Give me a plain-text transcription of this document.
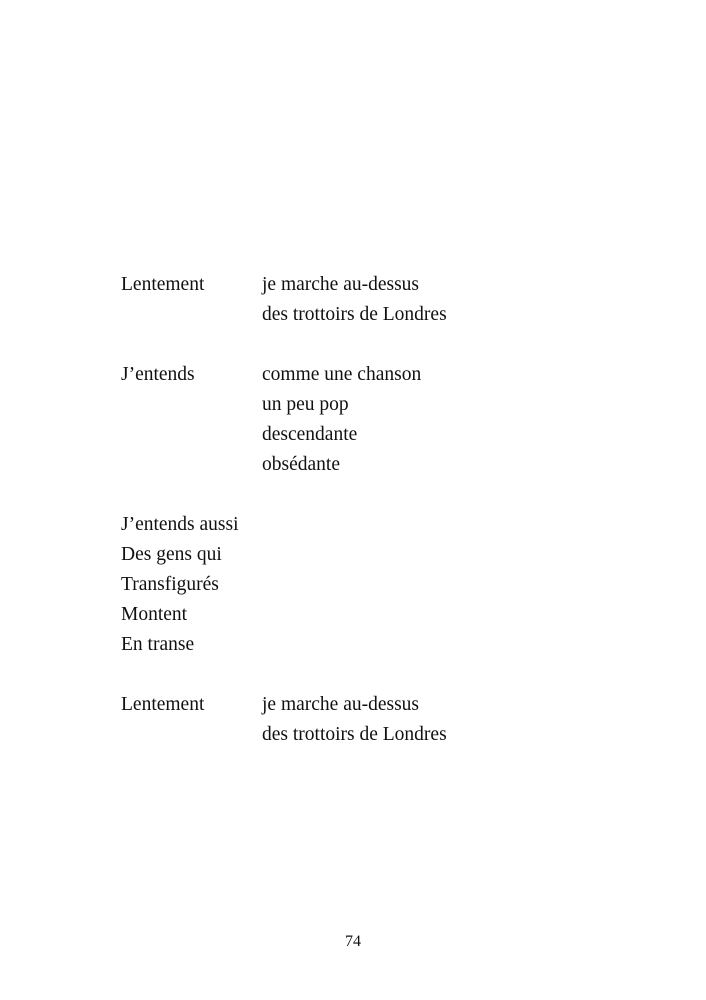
Lentement	je marche au-dessus
des trottoirs de Londres
J’entends	comme une chanson
un peu pop
descendante
obsédante
J’entends aussi
Des gens qui
Transfigurés
Montent
En transe
Lentement	je marche au-dessus
des trottoirs de Londres
74
